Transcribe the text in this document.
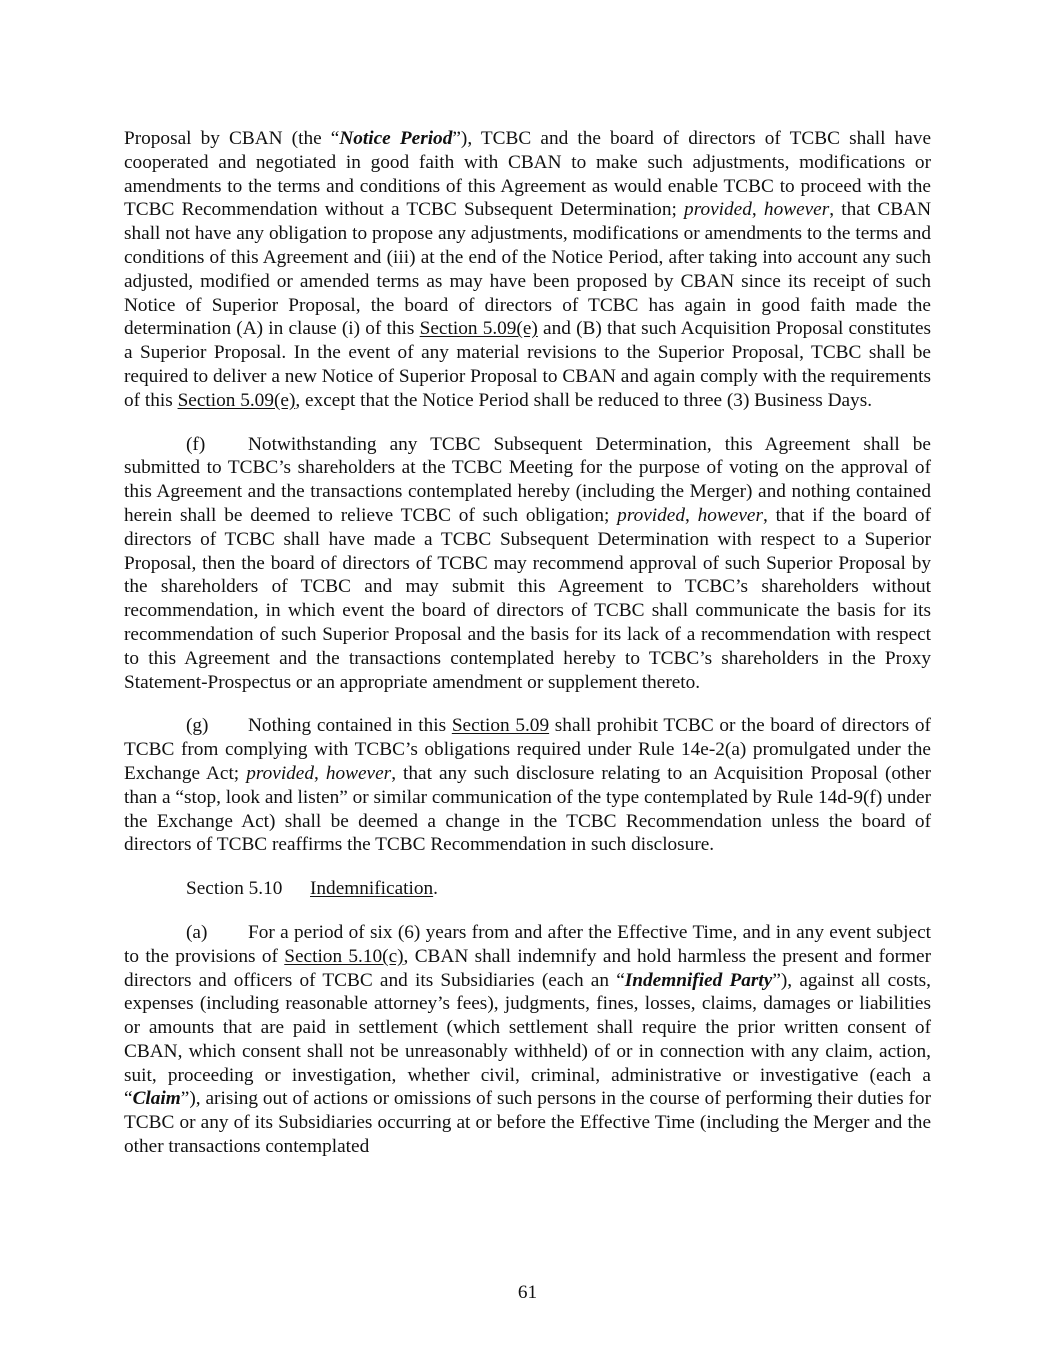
Proposal by CBAN (the “Notice Period”), TCBC and the board of directors of TCBC shall have cooperated and negotiated in good faith with CBAN to make such adjustments, modifications or amendments to the terms and conditions of this Agreement as would enable TCBC to proceed with the TCBC Recommendation without a TCBC Subsequent Determination; provided, however, that CBAN shall not have any obligation to propose any adjustments, modifications or amendments to the terms and conditions of this Agreement and (iii) at the end of the Notice Period, after taking into account any such adjusted, modified or amended terms as may have been proposed by CBAN since its receipt of such Notice of Superior Proposal, the board of directors of TCBC has again in good faith made the determination (A) in clause (i) of this Section 5.09(e) and (B) that such Acquisition Proposal constitutes a Superior Proposal. In the event of any material revisions to the Superior Proposal, TCBC shall be required to deliver a new Notice of Superior Proposal to CBAN and again comply with the requirements of this Section 5.09(e), except that the Notice Period shall be reduced to three (3) Business Days.

(f) Notwithstanding any TCBC Subsequent Determination, this Agreement shall be submitted to TCBC’s shareholders at the TCBC Meeting for the purpose of voting on the approval of this Agreement and the transactions contemplated hereby (including the Merger) and nothing contained herein shall be deemed to relieve TCBC of such obligation; provided, however, that if the board of directors of TCBC shall have made a TCBC Subsequent Determination with respect to a Superior Proposal, then the board of directors of TCBC may recommend approval of such Superior Proposal by the shareholders of TCBC and may submit this Agreement to TCBC’s shareholders without recommendation, in which event the board of directors of TCBC shall communicate the basis for its recommendation of such Superior Proposal and the basis for its lack of a recommendation with respect to this Agreement and the transactions contemplated hereby to TCBC’s shareholders in the Proxy Statement-Prospectus or an appropriate amendment or supplement thereto.

(g) Nothing contained in this Section 5.09 shall prohibit TCBC or the board of directors of TCBC from complying with TCBC’s obligations required under Rule 14e-2(a) promulgated under the Exchange Act; provided, however, that any such disclosure relating to an Acquisition Proposal (other than a “stop, look and listen” or similar communication of the type contemplated by Rule 14d-9(f) under the Exchange Act) shall be deemed a change in the TCBC Recommendation unless the board of directors of TCBC reaffirms the TCBC Recommendation in such disclosure.

Section 5.10 Indemnification.

(a) For a period of six (6) years from and after the Effective Time, and in any event subject to the provisions of Section 5.10(c), CBAN shall indemnify and hold harmless the present and former directors and officers of TCBC and its Subsidiaries (each an “Indemnified Party”), against all costs, expenses (including reasonable attorney’s fees), judgments, fines, losses, claims, damages or liabilities or amounts that are paid in settlement (which settlement shall require the prior written consent of CBAN, which consent shall not be unreasonably withheld) of or in connection with any claim, action, suit, proceeding or investigation, whether civil, criminal, administrative or investigative (each a “Claim”), arising out of actions or omissions of such persons in the course of performing their duties for TCBC or any of its Subsidiaries occurring at or before the Effective Time (including the Merger and the other transactions contemplated

61
